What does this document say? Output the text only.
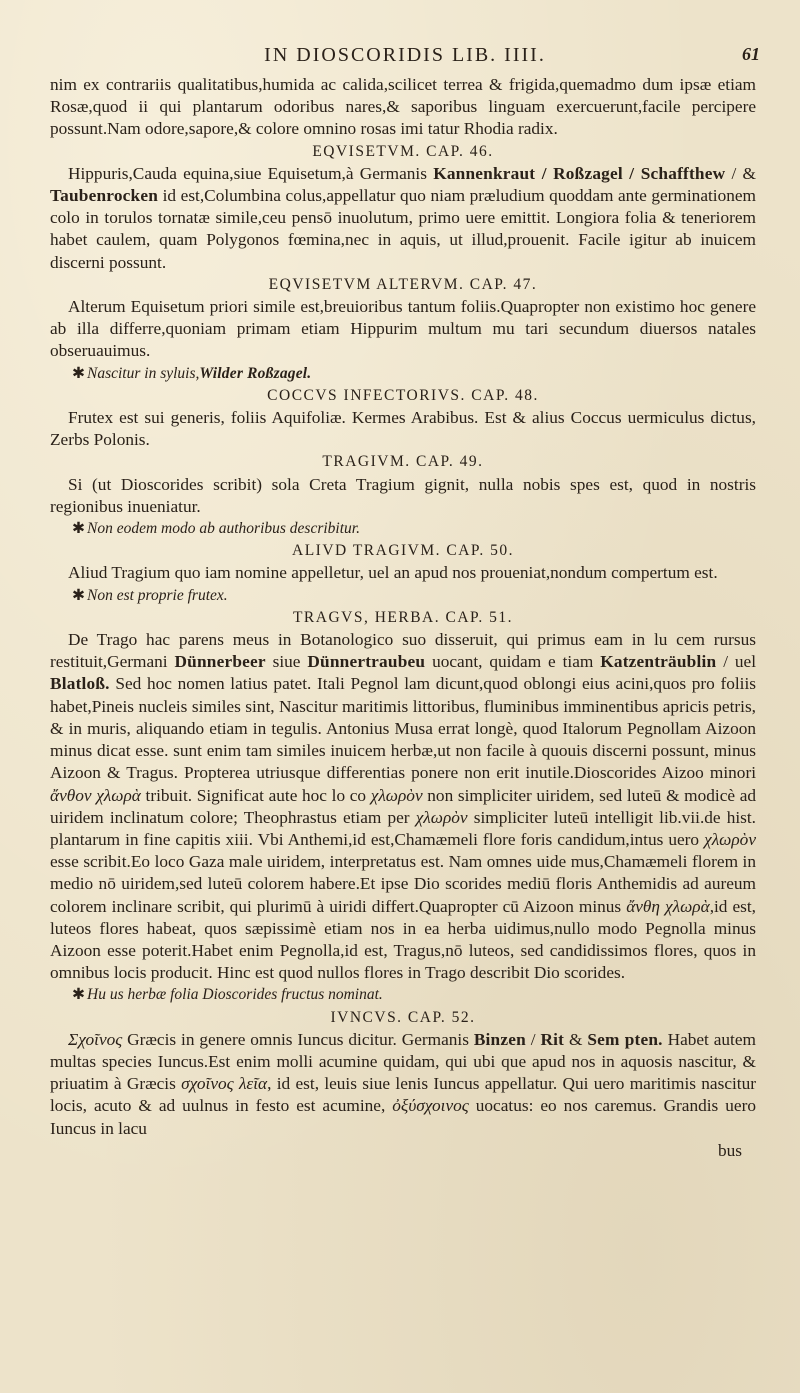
IN DIOSCORIDIS LIB. IIII.	61

nim ex contrariis qualitatibus,humida ac calida,scilicet terrea & frigida,quemadmo dum ipsæ etiam Rosæ,quod ii qui plantarum odoribus nares,& saporibus linguam exercuerunt,facile percipere possunt.Nam odore,sapore,& colore omnino rosas imi tatur Rhodia radix.

EQVISETVM. CAP. 46.

Hippuris,Cauda equina,siue Equisetum,à Germanis Kannenkraut / Roßzagel / Schaffthew / & Taubenrocken id est,Columbina colus,appellatur quo niam præludium quoddam ante germinationem colo in torulos tornatæ simile,ceu pensō inuolutum, primo uere emittit. Longiora folia & teneriorem habet caulem, quam Polygonos fœmina,nec in aquis, ut illud,prouenit. Facile igitur ab inuicem discerni possunt.

EQVISETVM ALTERVM. CAP. 47.

Alterum Equisetum priori simile est,breuioribus tantum foliis.Quapropter non existimo hoc genere ab illa differre,quoniam primam etiam Hippurim multum mu tari secundum diuersos natales obseruauimus.

✱ Nascitur in syluis,Wilder Roßzagel.

COCCVS INFECTORIVS. CAP. 48.

Frutex est sui generis, foliis Aquifoliæ. Kermes Arabibus. Est & alius Coccus uermiculus dictus, Zerbs Polonis.

TRAGIVM. CAP. 49.

Si (ut Dioscorides scribit) sola Creta Tragium gignit, nulla nobis spes est, quod in nostris regionibus inueniatur.

✱ Non eodem modo ab authoribus describitur.

ALIVD TRAGIVM. CAP. 50.

Aliud Tragium quo iam nomine appelletur, uel an apud nos proueniat,nondum compertum est.

✱ Non est proprie frutex.

TRAGVS, HERBA. CAP. 51.

De Trago hac parens meus in Botanologico suo disseruit, qui primus eam in lu cem rursus restituit,Germani Dünnerbeer siue Dünnertraubeu uocant, quidam e tiam Katzenträublin / uel Blatloß. Sed hoc nomen latius patet. Itali Pegnol lam dicunt,quod oblongi eius acini,quos pro foliis habet,Pineis nucleis similes sint, Nascitur maritimis littoribus, fluminibus imminentibus apricis petris, & in muris, aliquando etiam in tegulis. Antonius Musa errat longè, quod Italorum Pegnollam Aizoon minus dicat esse. sunt enim tam similes inuicem herbæ,ut non facile à quouis discerni possunt, minus Aizoon & Tragus. Propterea utriusque differentias ponere non erit inutile.Dioscorides Aizoo minori ἄνθον χλωρὰ tribuit. Significat aute hoc lo co χλωρὸν non simpliciter uiridem, sed luteū & modicè ad uiridem inclinatum colore; Theophrastus etiam per χλωρὸν simpliciter luteū intelligit lib.vii.de hist. plantarum in fine capitis xiii. Vbi Anthemi,id est,Chamæmeli flore foris candidum,intus uero χλωρὸν esse scribit.Eo loco Gaza male uiridem, interpretatus est. Nam omnes uide mus,Chamæmeli florem in medio nō uiridem,sed luteū colorem habere.Et ipse Dio scorides mediū floris Anthemidis ad aureum colorem inclinare scribit, qui plurimū à uiridi differt.Quapropter cū Aizoon minus ἄνθη χλωρὰ,id est, luteos flores habeat, quos sæpissimè etiam nos in ea herba uidimus,nullo modo Pegnolla minus Aizoon esse poterit.Habet enim Pegnolla,id est, Tragus,nō luteos, sed candidissimos flores, quos in omnibus locis producit. Hinc est quod nullos flores in Trago describit Dio scorides.

✱ Hu us herbæ folia Dioscorides fructus nominat.

IVNCVS. CAP. 52.

Σχοῖνος Græcis in genere omnis Iuncus dicitur. Germanis Binzen / Rit & Sem pten. Habet autem multas species Iuncus.Est enim molli acumine quidam, qui ubi que apud nos in aquosis nascitur, & priuatim à Græcis σχοῖνος λεῖα, id est, leuis siue lenis Iuncus appellatur. Qui uero maritimis nascitur locis, acuto & ad uulnus in festo est acumine, ὀξύσχοινος uocatus: eo nos caremus. Grandis uero Iuncus in lacu

bus
